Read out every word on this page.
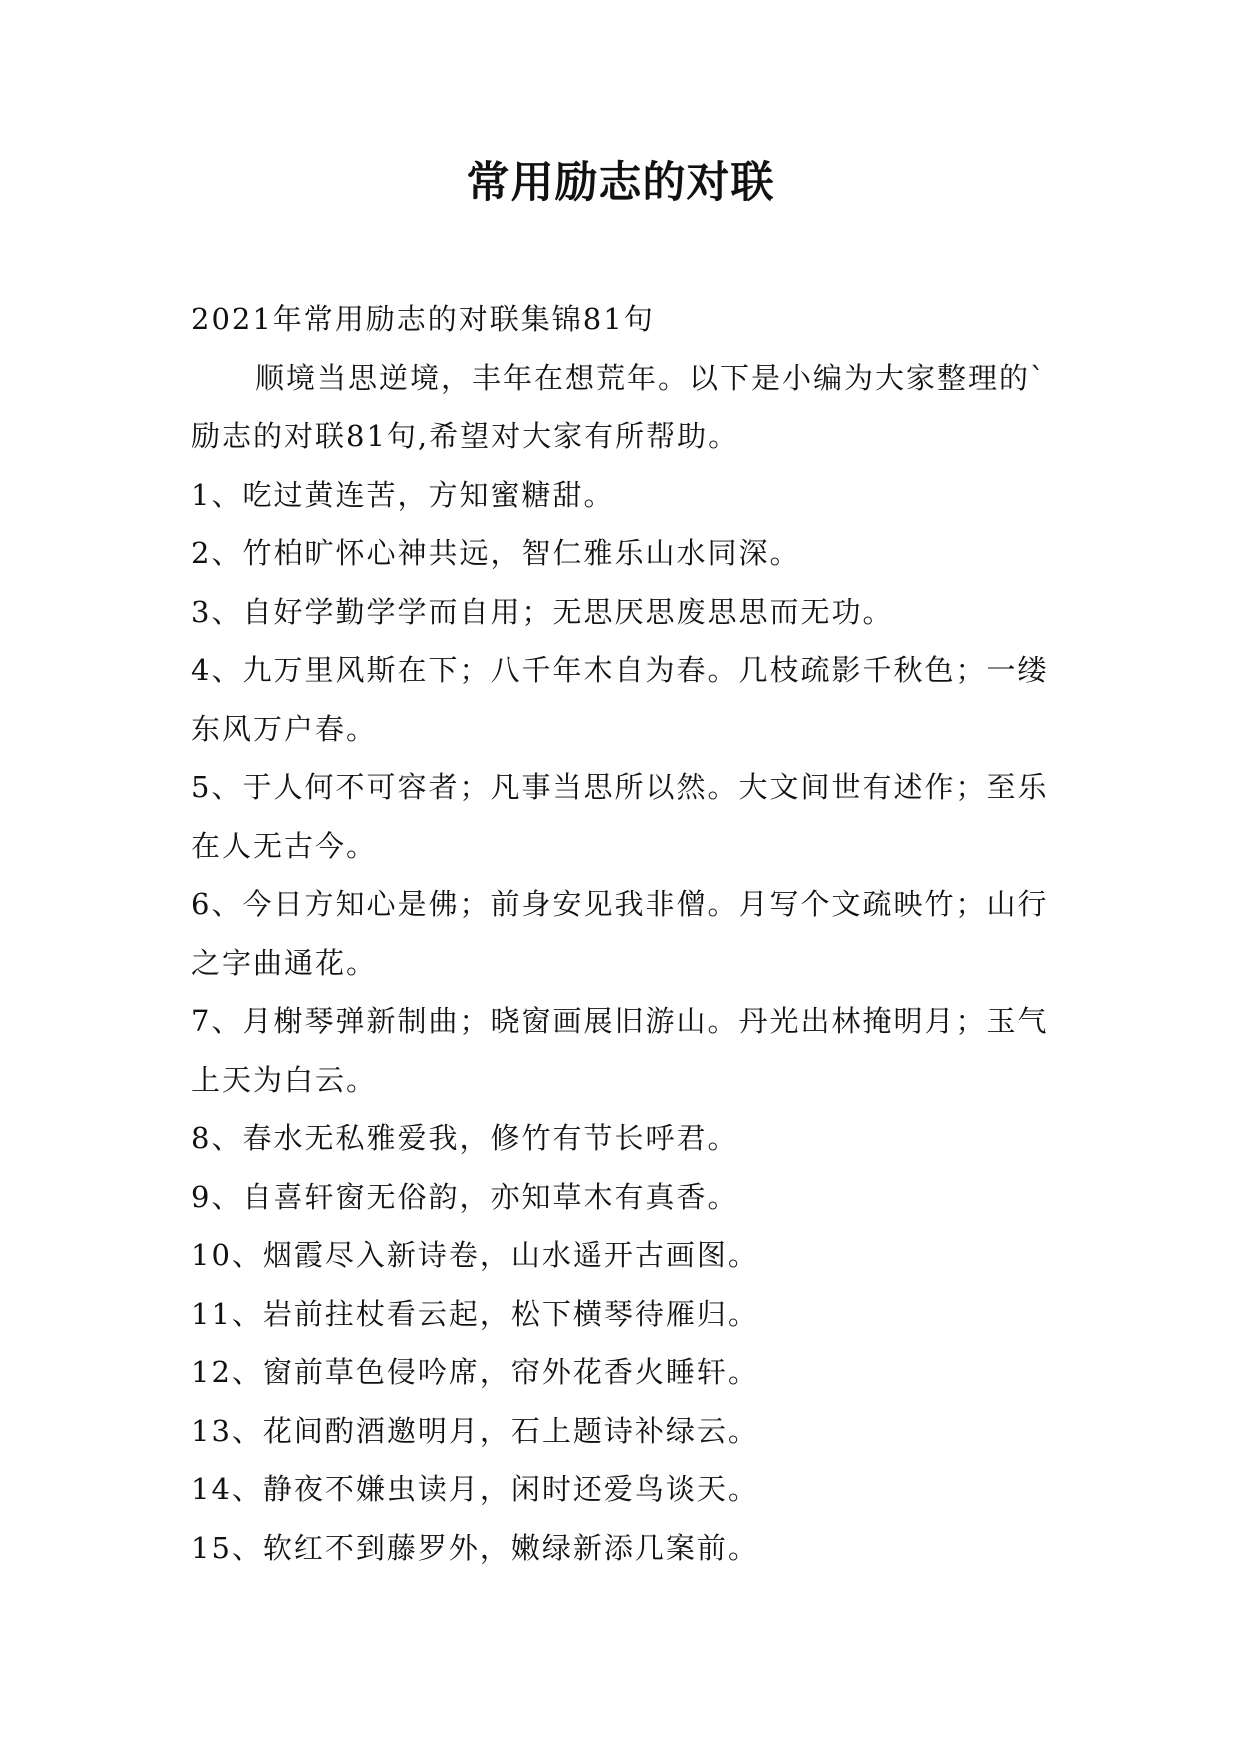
常用励志的对联

2021年常用励志的对联集锦81句

顺境当思逆境，丰年在想荒年。以下是小编为大家整理的`励志的对联81句,希望对大家有所帮助。

1、吃过黄连苦，方知蜜糖甜。

2、竹柏旷怀心神共远，智仁雅乐山水同深。

3、自好学勤学学而自用；无思厌思废思思而无功。

4、九万里风斯在下；八千年木自为春。几枝疏影千秋色；一缕东风万户春。

5、于人何不可容者；凡事当思所以然。大文间世有述作；至乐在人无古今。

6、今日方知心是佛；前身安见我非僧。月写个文疏映竹；山行之字曲通花。

7、月榭琴弹新制曲；晓窗画展旧游山。丹光出林掩明月；玉气上天为白云。

8、春水无私雅爱我，修竹有节长呼君。

9、自喜轩窗无俗韵，亦知草木有真香。

10、烟霞尽入新诗卷，山水遥开古画图。

11、岩前拄杖看云起，松下横琴待雁归。

12、窗前草色侵吟席，帘外花香火睡轩。

13、花间酌酒邀明月，石上题诗补绿云。

14、静夜不嫌虫读月，闲时还爱鸟谈天。

15、软红不到藤罗外，嫩绿新添几案前。
